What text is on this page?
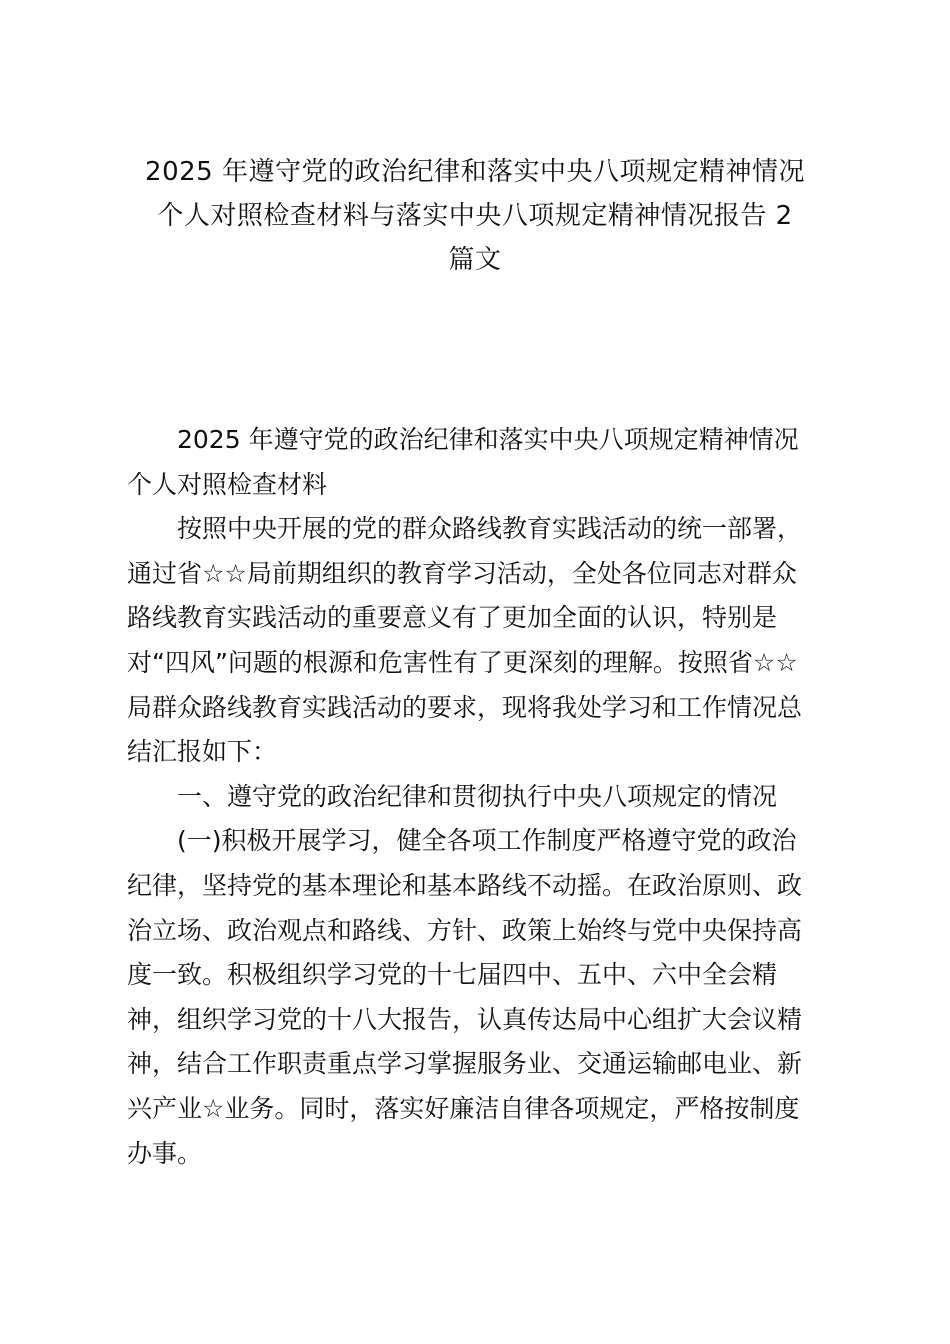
2025 年遵守党的政治纪律和落实中央八项规定精神情况
个人对照检查材料与落实中央八项规定精神情况报告 2
篇文

2025 年遵守党的政治纪律和落实中央八项规定精神情况
个人对照检查材料

按照中央开展的党的群众路线教育实践活动的统一部署，
通过省☆☆局前期组织的教育学习活动，全处各位同志对群众
路线教育实践活动的重要意义有了更加全面的认识，特别是
对“四风”问题的根源和危害性有了更深刻的理解。按照省☆☆
局群众路线教育实践活动的要求，现将我处学习和工作情况总
结汇报如下：

一、遵守党的政治纪律和贯彻执行中央八项规定的情况

(一)积极开展学习，健全各项工作制度严格遵守党的政治
纪律，坚持党的基本理论和基本路线不动摇。在政治原则、政
治立场、政治观点和路线、方针、政策上始终与党中央保持高
度一致。积极组织学习党的十七届四中、五中、六中全会精
神，组织学习党的十八大报告，认真传达局中心组扩大会议精
神，结合工作职责重点学习掌握服务业、交通运输邮电业、新
兴产业☆业务。同时，落实好廉洁自律各项规定，严格按制度
办事。
